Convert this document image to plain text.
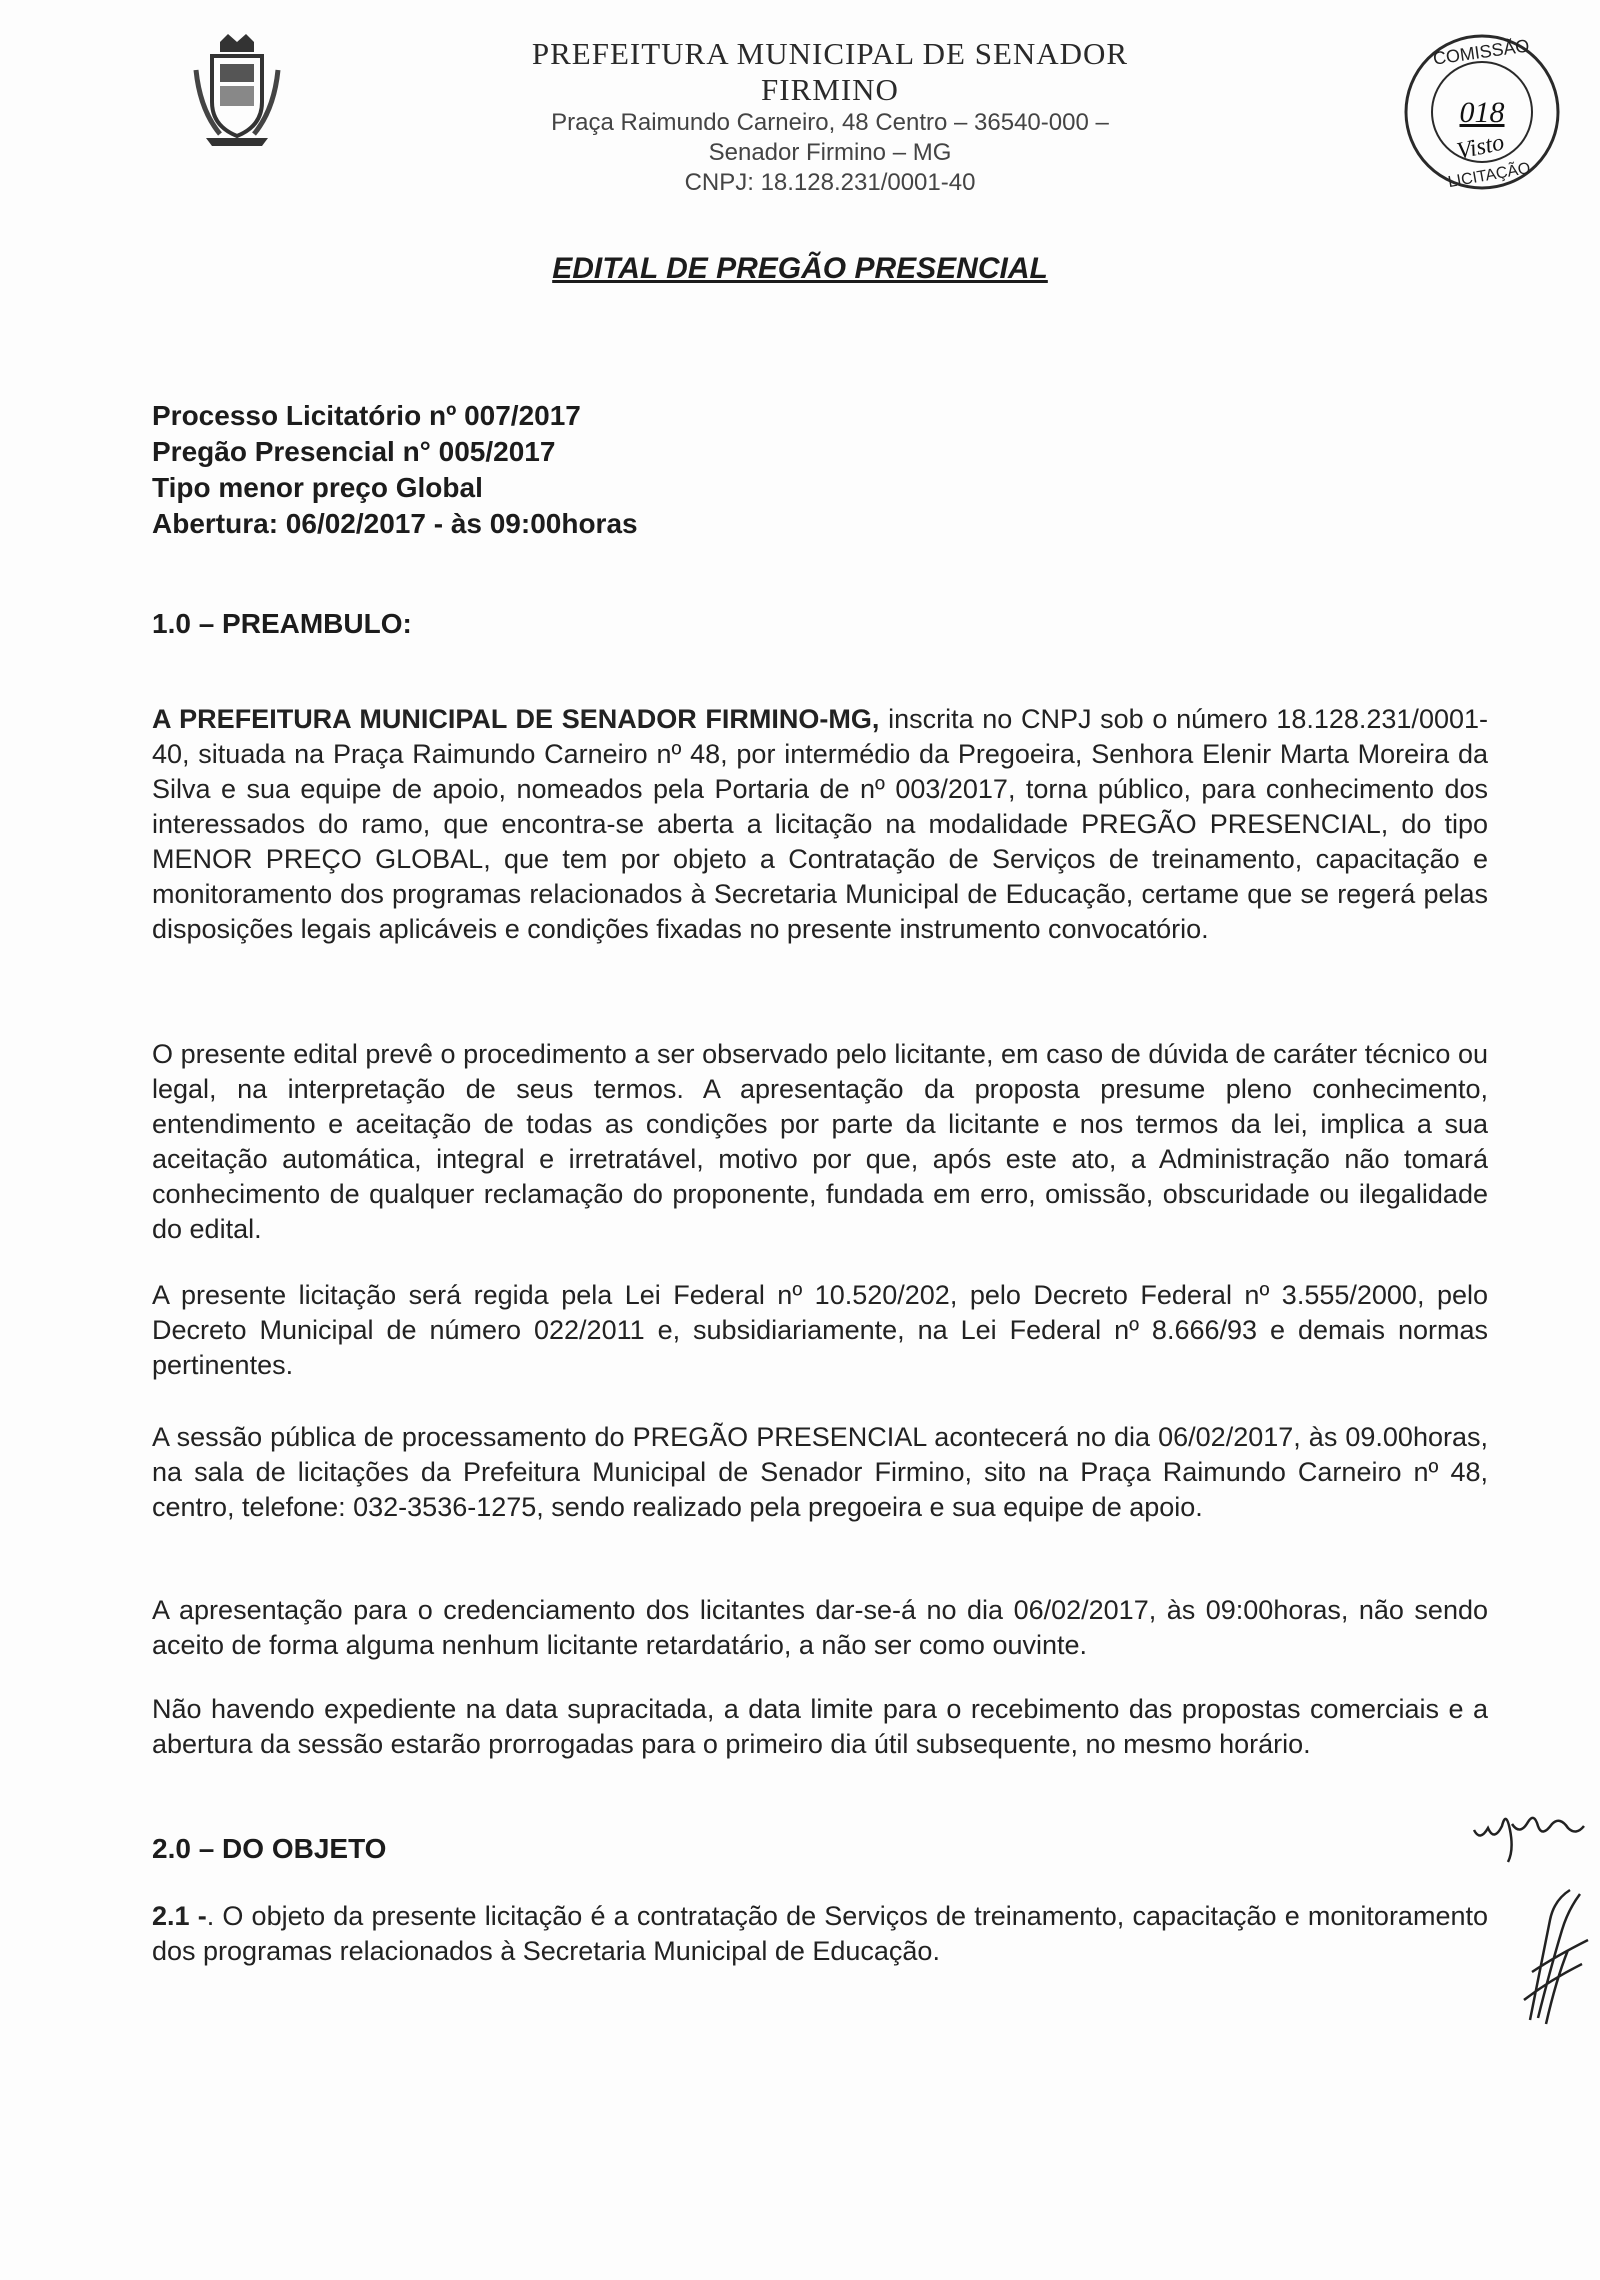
PREFEITURA MUNICIPAL DE SENADOR FIRMINO
Praça Raimundo Carneiro, 48 Centro – 36540-000 – Senador Firmino – MG
CNPJ: 18.128.231/0001-40
COMISSÃO
018
Visto
LICITAÇÃO
EDITAL DE PREGÃO PRESENCIAL
Processo Licitatório nº 007/2017
Pregão Presencial n° 005/2017
Tipo menor preço Global
Abertura: 06/02/2017 - às 09:00horas
1.0 – PREAMBULO:
A PREFEITURA MUNICIPAL DE SENADOR FIRMINO-MG, inscrita no CNPJ sob o número 18.128.231/0001-40, situada na Praça Raimundo Carneiro nº 48, por intermédio da Pregoeira, Senhora Elenir Marta Moreira da Silva e sua equipe de apoio, nomeados pela Portaria de nº 003/2017, torna público, para conhecimento dos interessados do ramo, que encontra-se aberta a licitação na modalidade PREGÃO PRESENCIAL, do tipo MENOR PREÇO GLOBAL, que tem por objeto a Contratação de Serviços de treinamento, capacitação e monitoramento dos programas relacionados à Secretaria Municipal de Educação, certame que se regerá pelas disposições legais aplicáveis e condições fixadas no presente instrumento convocatório.
O presente edital prevê o procedimento a ser observado pelo licitante, em caso de dúvida de caráter técnico ou legal, na interpretação de seus termos. A apresentação da proposta presume pleno conhecimento, entendimento e aceitação de todas as condições por parte da licitante e nos termos da lei, implica a sua aceitação automática, integral e irretratável, motivo por que, após este ato, a Administração não tomará conhecimento de qualquer reclamação do proponente, fundada em erro, omissão, obscuridade ou ilegalidade do edital.
A presente licitação será regida pela Lei Federal nº 10.520/202, pelo Decreto Federal nº 3.555/2000, pelo Decreto Municipal de número 022/2011 e, subsidiariamente, na Lei Federal nº 8.666/93 e demais normas pertinentes.
A sessão pública de processamento do PREGÃO PRESENCIAL acontecerá no dia 06/02/2017, às 09.00horas, na sala de licitações da Prefeitura Municipal de Senador Firmino, sito na Praça Raimundo Carneiro nº 48, centro, telefone: 032-3536-1275, sendo realizado pela pregoeira e sua equipe de apoio.
A apresentação para o credenciamento dos licitantes dar-se-á no dia 06/02/2017, às 09:00horas, não sendo aceito de forma alguma nenhum licitante retardatário, a não ser como ouvinte.
Não havendo expediente na data supracitada, a data limite para o recebimento das propostas comerciais e a abertura da sessão estarão prorrogadas para o primeiro dia útil subsequente, no mesmo horário.
2.0 – DO OBJETO
2.1 -. O objeto da presente licitação é a contratação de Serviços de treinamento, capacitação e monitoramento dos programas relacionados à Secretaria Municipal de Educação.
